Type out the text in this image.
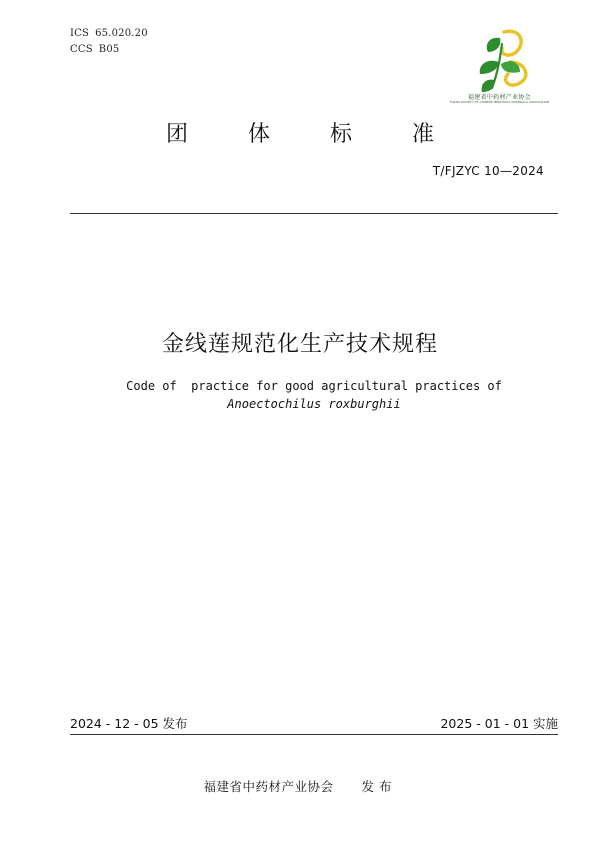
ICS 65.020.20
CCS B05
福建省中药材产业协会
FUJIAN SOCIETY OF CHINESE MEDICINAL MATERIALS ASSOCIATION
团	体	标	准
T/FJZYC 10—2024
金线莲规范化生产技术规程
Code of  practice for good agricultural practices of
Anoectochilus roxburghii
2024 - 12 - 05 发布	2025 - 01 - 01 实施
福建省中药材产业协会 发布
